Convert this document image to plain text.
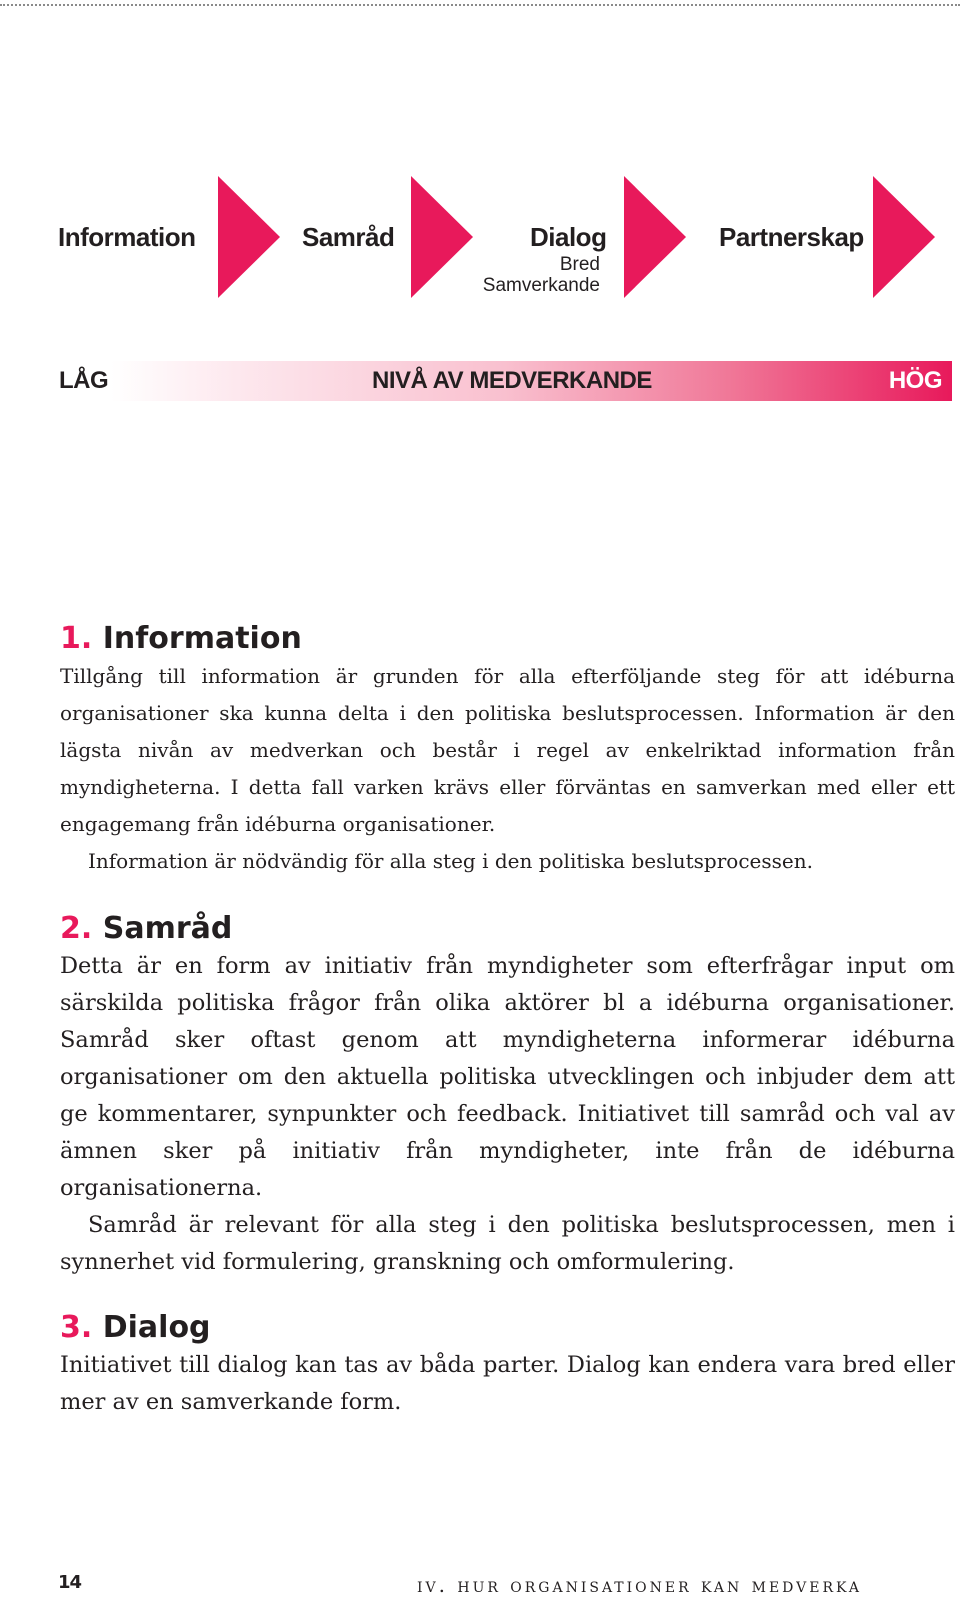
Information	Samråd	Dialog
Bred
Samverkande
Partnerskap
LÅG	NIVÅ AV MEDVERKANDE	HÖG
1. Information

Tillgång till information är grunden för alla efterföljande steg för att idéburna organisationer ska kunna delta i den politiska beslutsprocessen. Information är den lägsta nivån av medverkan och består i regel av enkelriktad information från myndigheterna. I detta fall varken krävs eller förväntas en samverkan med eller ett engagemang från idéburna organisationer.

Information är nödvändig för alla steg i den politiska beslutsprocessen.

2. Samråd

Detta är en form av initiativ från myndigheter som efterfrågar input om särskilda politiska frågor från olika aktörer bl a idéburna organisationer. Samråd sker oftast genom att myndigheterna informerar idéburna organisationer om den aktuella politiska utvecklingen och inbjuder dem att ge kommentarer, synpunkter och feedback. Initiativet till samråd och val av ämnen sker på initiativ från myndigheter, inte från de idéburna organisationerna.

Samråd är relevant för alla steg i den politiska beslutsprocessen, men i synnerhet vid formulering, granskning och omformulering.

3. Dialog

Initiativet till dialog kan tas av båda parter. Dialog kan endera vara bred eller mer av en samverkande form.

14	iv. hur organisationer kan medverka
